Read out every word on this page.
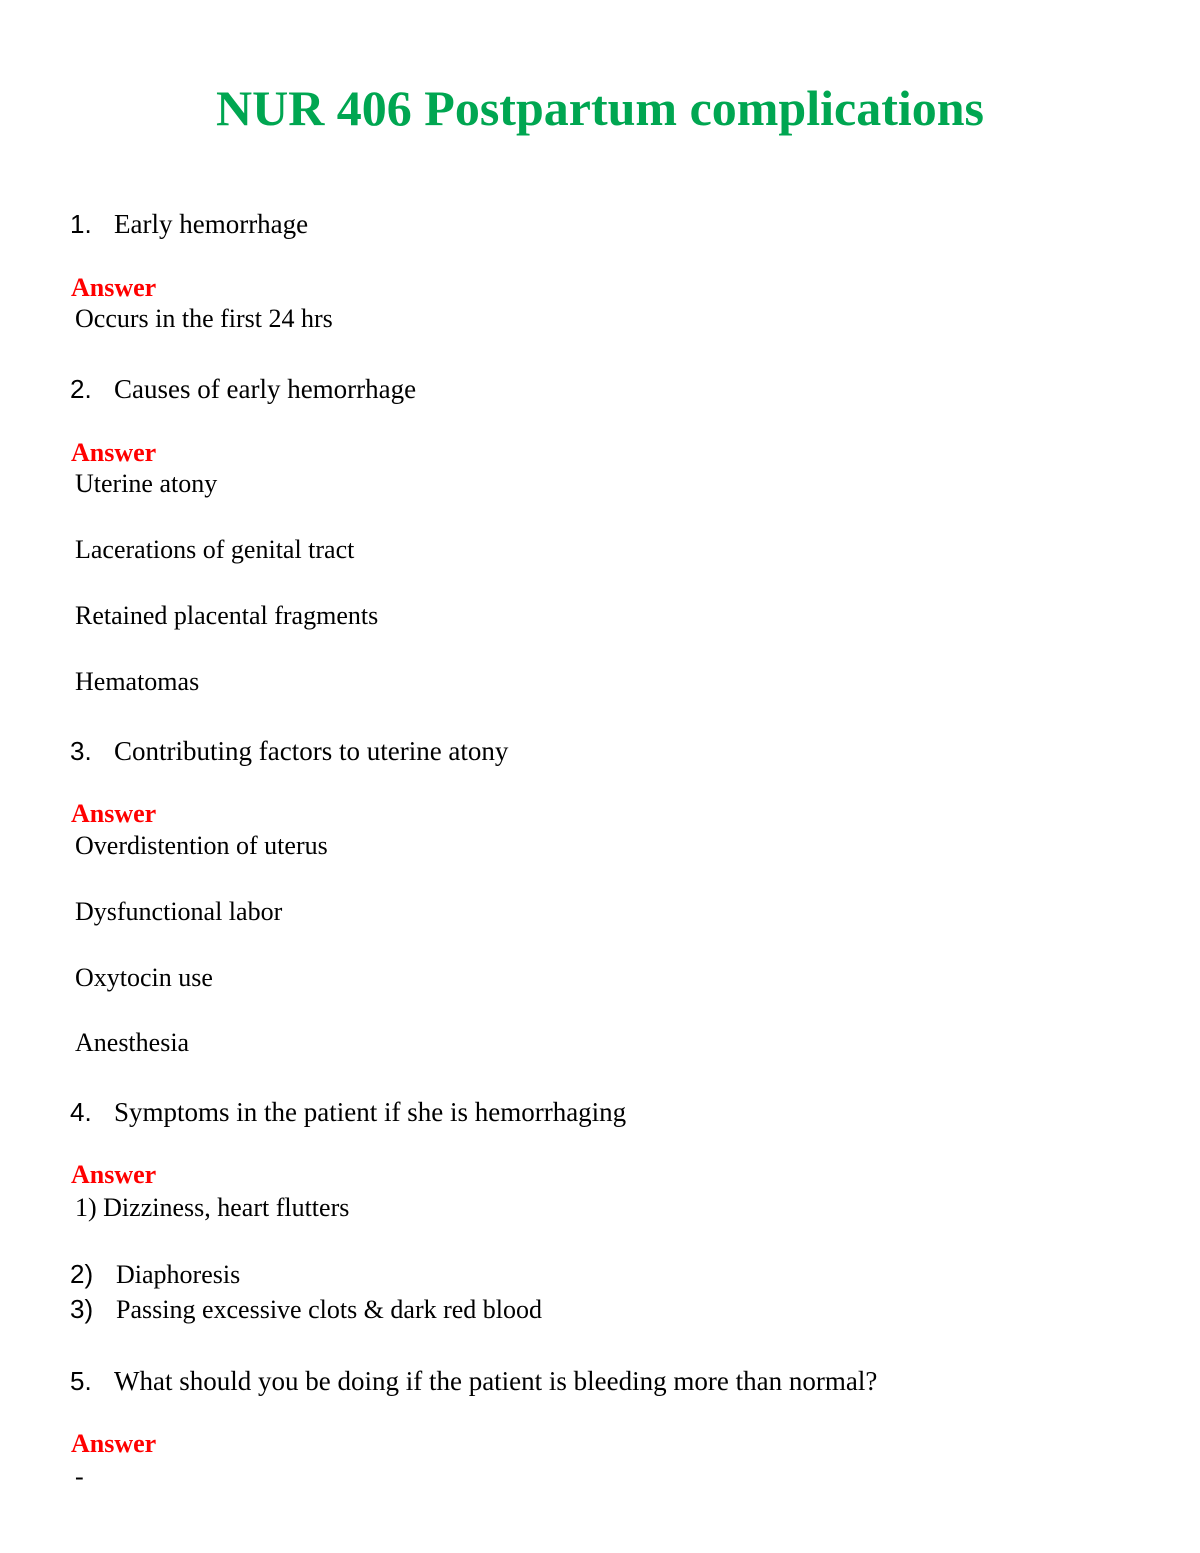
NUR 406 Postpartum complications
1. Early hemorrhage
Answer
Occurs in the first 24 hrs
2. Causes of early hemorrhage
Answer
Uterine atony
Lacerations of genital tract
Retained placental fragments
Hematomas
3. Contributing factors to uterine atony
Answer
Overdistention of uterus
Dysfunctional labor
Oxytocin use
Anesthesia
4. Symptoms in the patient if she is hemorrhaging
Answer
1) Dizziness, heart flutters
2) Diaphoresis
3) Passing excessive clots & dark red blood
5. What should you be doing if the patient is bleeding more than normal?
Answer
-
